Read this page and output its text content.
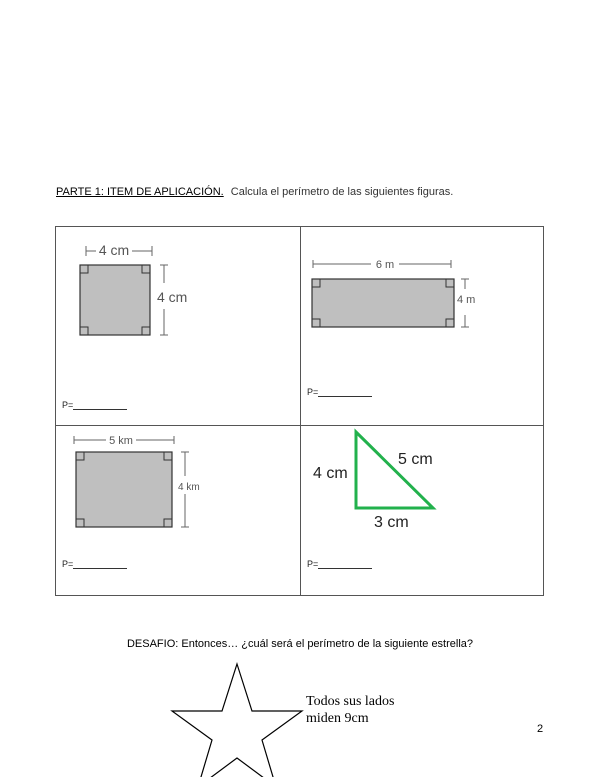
PARTE 1: ITEM DE APLICACIÓN. Calcula el perímetro de las siguientes figuras.
4 cm
4 cm
P=
6 m
4 m
P=
5 km
4 km
P=
4 cm
5 cm
3 cm
P=
DESAFIO: Entonces… ¿cuál será el perímetro de la siguiente estrella?
Todos sus lados
miden 9cm
2
